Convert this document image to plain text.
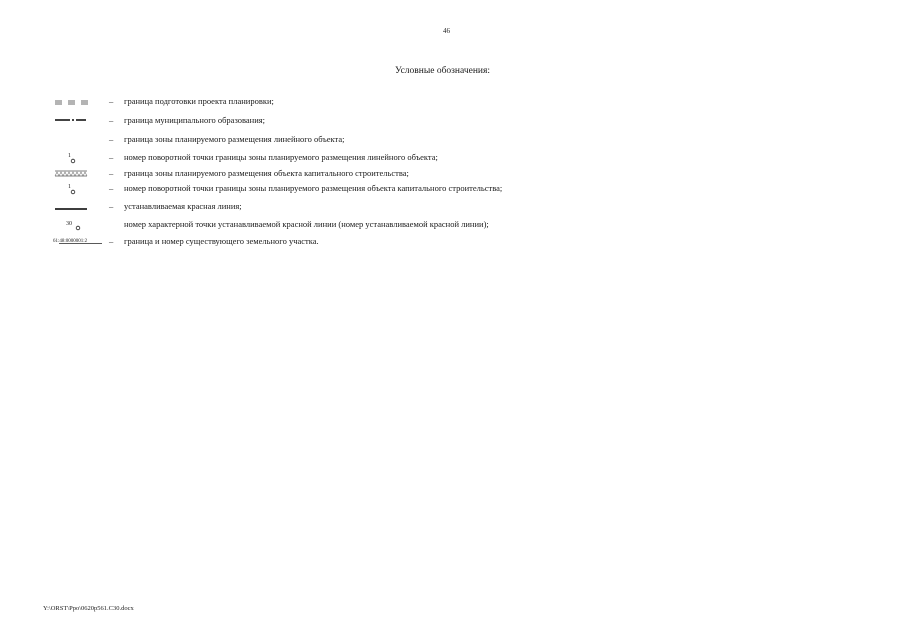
46
Условные обозначения:
– граница подготовки проекта планировки;
– граница муниципального образования;
– граница зоны планируемого размещения линейного объекта;
1	– номер поворотной точки границы зоны планируемого размещения линейного объекта;
– граница зоны планируемого размещения объекта капитального строительства;
1	– номер поворотной точки границы зоны планируемого размещения объекта капитального строительства;
– устанавливаемая красная линия;
30	номер характерной точки устанавливаемой красной линии (номер устанавливаемой красной линии);
61:48:0000001:2	– граница и номер существующего земельного участка.
Y:\ORST\Ppo\0620p561.C30.docx
